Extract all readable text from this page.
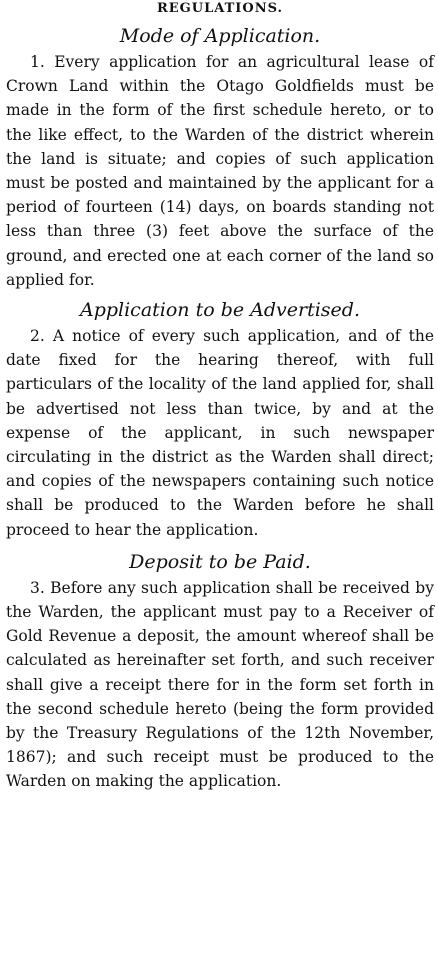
REGULATIONS.
Mode of Application.

1. Every application for an agricultural lease of Crown Land within the Otago Goldfields must be made in the form of the first schedule hereto, or to the like effect, to the Warden of the district wherein the land is situate; and copies of such application must be posted and maintained by the applicant for a period of fourteen (14) days, on boards standing not less than three (3) feet above the surface of the ground, and erected one at each corner of the land so applied for.

Application to be Advertised.

2. A notice of every such application, and of the date fixed for the hearing thereof, with full particulars of the locality of the land applied for, shall be advertised not less than twice, by and at the expense of the applicant, in such newspaper circulating in the district as the Warden shall direct; and copies of the newspapers containing such notice shall be produced to the Warden before he shall proceed to hear the application.

Deposit to be Paid.

3. Before any such application shall be received by the Warden, the applicant must pay to a Receiver of Gold Revenue a deposit, the amount whereof shall be calculated as hereinafter set forth, and such receiver shall give a receipt there for in the form set forth in the second schedule hereto (being the form provided by the Treasury Regulations of the 12th November, 1867); and such receipt must be produced to the Warden on making the application.
